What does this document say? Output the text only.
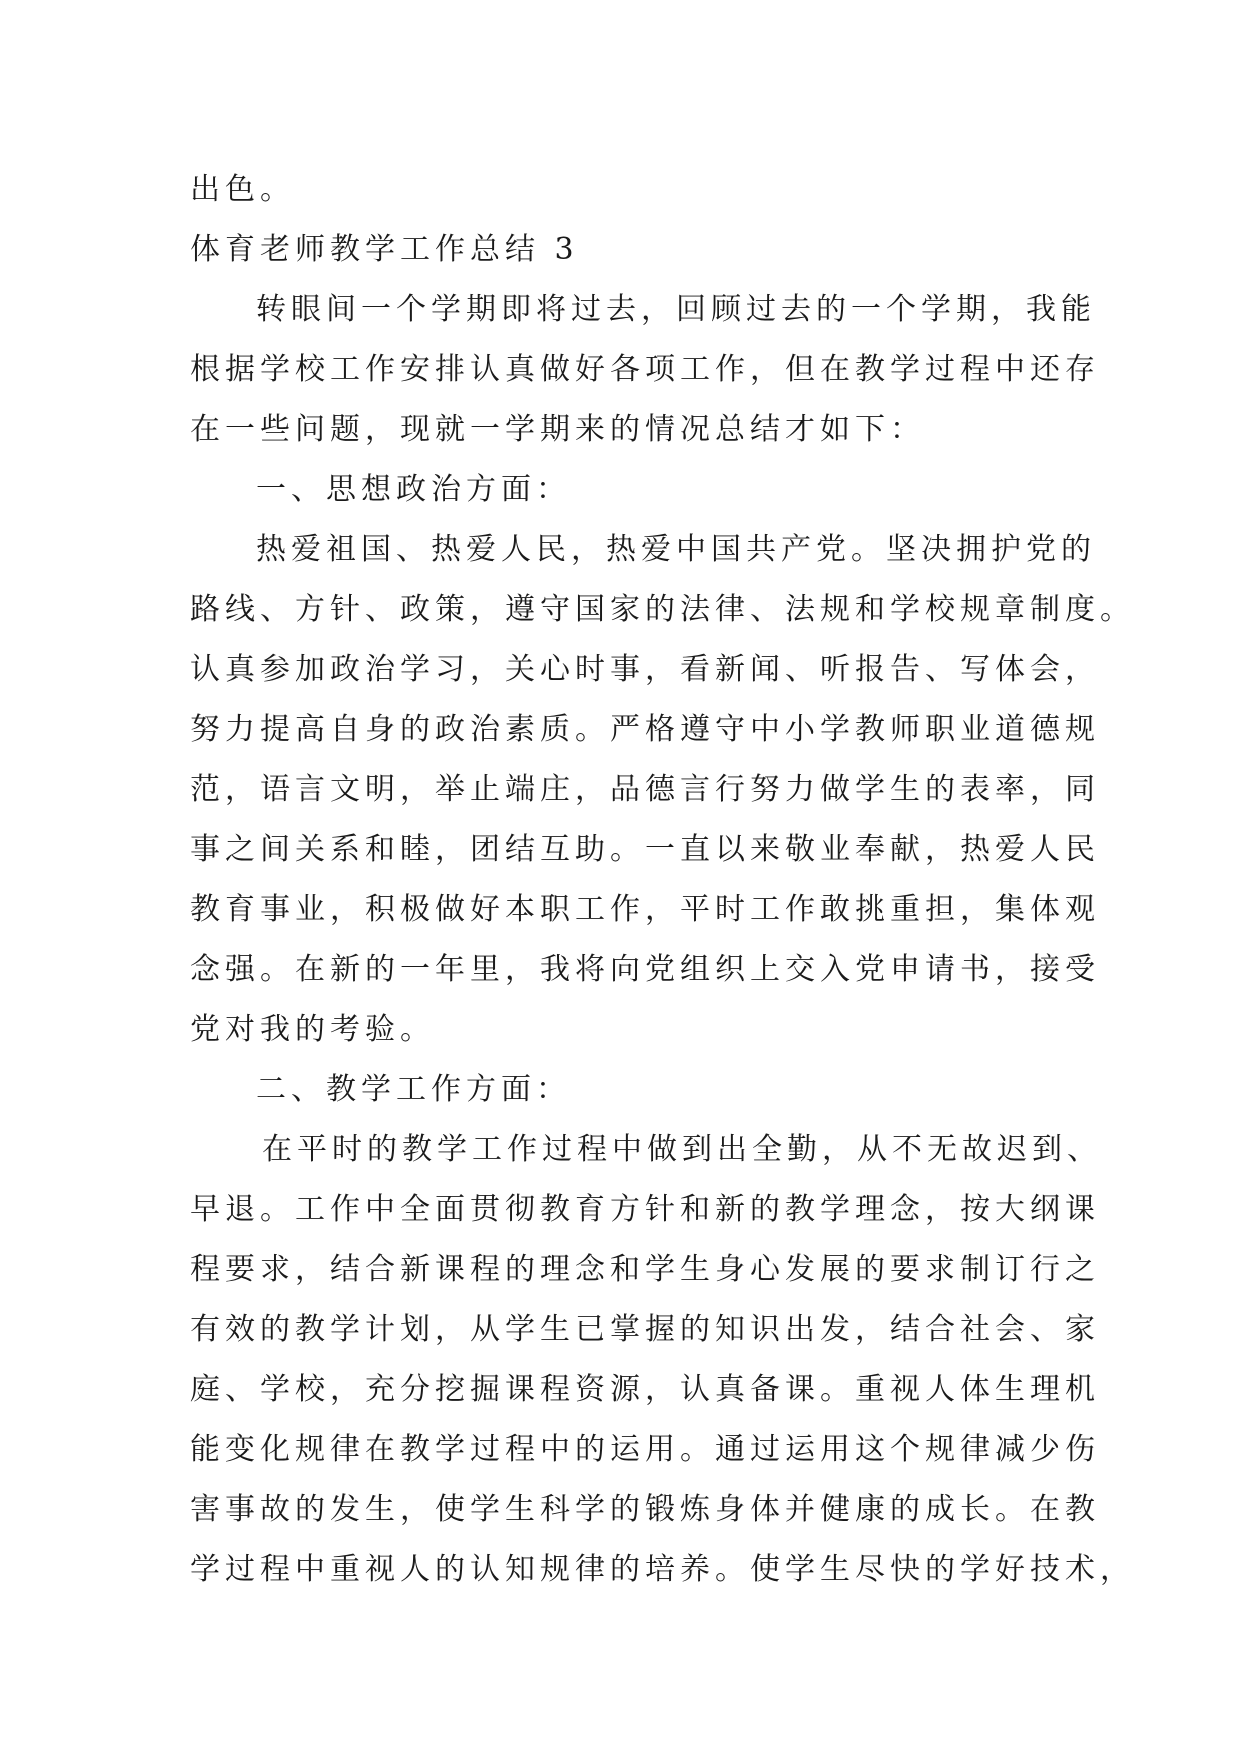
出色。
体育老师教学工作总结 3
转眼间一个学期即将过去，回顾过去的一个学期，我能
根据学校工作安排认真做好各项工作，但在教学过程中还存
在一些问题，现就一学期来的情况总结才如下：
一、思想政治方面：
热爱祖国、热爱人民，热爱中国共产党。坚决拥护党的
路线、方针、政策，遵守国家的法律、法规和学校规章制度。
认真参加政治学习，关心时事，看新闻、听报告、写体会，
努力提高自身的政治素质。严格遵守中小学教师职业道德规
范，语言文明，举止端庄，品德言行努力做学生的表率，同
事之间关系和睦，团结互助。一直以来敬业奉献，热爱人民
教育事业，积极做好本职工作，平时工作敢挑重担，集体观
念强。在新的一年里，我将向党组织上交入党申请书，接受
党对我的考验。
二、教学工作方面：
在平时的教学工作过程中做到出全勤，从不无故迟到、
早退。工作中全面贯彻教育方针和新的教学理念，按大纲课
程要求，结合新课程的理念和学生身心发展的要求制订行之
有效的教学计划，从学生已掌握的知识出发，结合社会、家
庭、学校，充分挖掘课程资源，认真备课。重视人体生理机
能变化规律在教学过程中的运用。通过运用这个规律减少伤
害事故的发生，使学生科学的锻炼身体并健康的成长。在教
学过程中重视人的认知规律的培养。使学生尽快的学好技术，
